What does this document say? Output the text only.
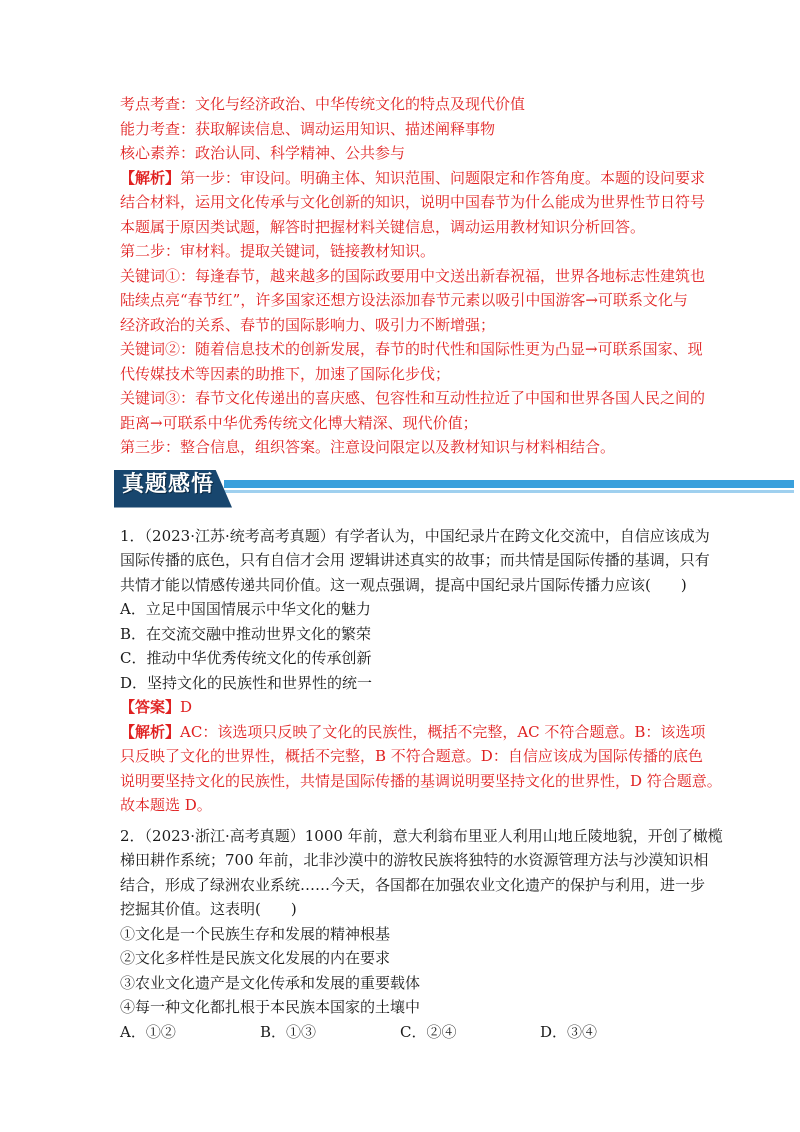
考点考查：文化与经济政治、中华传统文化的特点及现代价值
能力考查：获取解读信息、调动运用知识、描述阐释事物
核心素养：政治认同、科学精神、公共参与
【解析】第一步：审设问。明确主体、知识范围、问题限定和作答角度。本题的设问要求
结合材料，运用文化传承与文化创新的知识，说明中国春节为什么能成为世界性节日符号
本题属于原因类试题，解答时把握材料关键信息，调动运用教材知识分析回答。
第二步：审材料。提取关键词，链接教材知识。
关键词①：每逢春节，越来越多的国际政要用中文送出新春祝福，世界各地标志性建筑也
陆续点亮“春节红”，许多国家还想方设法添加春节元素以吸引中国游客→可联系文化与
经济政治的关系、春节的国际影响力、吸引力不断增强；
关键词②：随着信息技术的创新发展，春节的时代性和国际性更为凸显→可联系国家、现
代传媒技术等因素的助推下，加速了国际化步伐；
关键词③：春节文化传递出的喜庆感、包容性和互动性拉近了中国和世界各国人民之间的
距离→可联系中华优秀传统文化博大精深、现代价值；
第三步：整合信息，组织答案。注意设问限定以及教材知识与材料相结合。
真题感悟
1．（2023·江苏·统考高考真题）有学者认为，中国纪录片在跨文化交流中，自信应该成为
国际传播的底色，只有自信才会用 逻辑讲述真实的故事；而共情是国际传播的基调，只有
共情才能以情感传递共同价值。这一观点强调，提高中国纪录片国际传播力应该(　　)
A．立足中国国情展示中华文化的魅力
B．在交流交融中推动世界文化的繁荣
C．推动中华优秀传统文化的传承创新
D．坚持文化的民族性和世界性的统一
【答案】D
【解析】AC：该选项只反映了文化的民族性，概括不完整，AC 不符合题意。B：该选项
只反映了文化的世界性，概括不完整，B 不符合题意。D：自信应该成为国际传播的底色
说明要坚持文化的民族性，共情是国际传播的基调说明要坚持文化的世界性，D 符合题意。
故本题选 D。
2．（2023·浙江·高考真题）1000 年前，意大利翁布里亚人利用山地丘陵地貌，开创了橄榄
梯田耕作系统；700 年前，北非沙漠中的游牧民族将独特的水资源管理方法与沙漠知识相
结合，形成了绿洲农业系统……今天，各国都在加强农业文化遗产的保护与利用，进一步
挖掘其价值。这表明(　　)
①文化是一个民族生存和发展的精神根基
②文化多样性是民族文化发展的内在要求
③农业文化遗产是文化传承和发展的重要载体
④每一种文化都扎根于本民族本国家的土壤中
A．①②	B．①③	C．②④	D．③④
